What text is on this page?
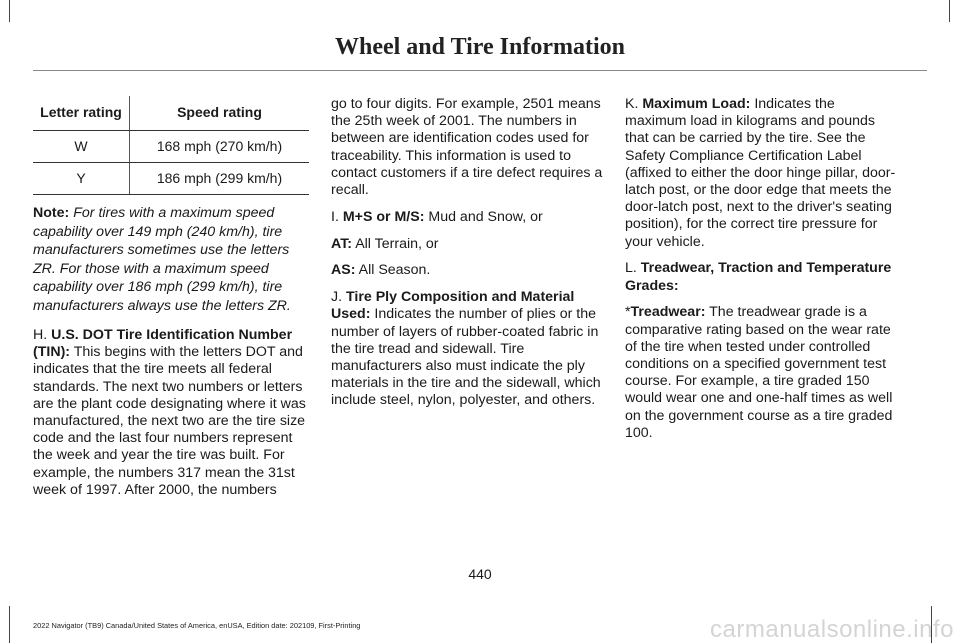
Wheel and Tire Information
Letter rating	Speed rating
W	168 mph (270 km/h)
Y	186 mph (299 km/h)

Note: For tires with a maximum speed capability over 149 mph (240 km/h), tire manufacturers sometimes use the letters ZR. For those with a maximum speed capability over 186 mph (299 km/h), tire manufacturers always use the letters ZR.

H. U.S. DOT Tire Identification Number (TIN): This begins with the letters DOT and indicates that the tire meets all federal standards. The next two numbers or letters are the plant code designating where it was manufactured, the next two are the tire size code and the last four numbers represent the week and year the tire was built. For example, the numbers 317 mean the 31st week of 1997. After 2000, the numbers

go to four digits. For example, 2501 means the 25th week of 2001. The numbers in between are identification codes used for traceability. This information is used to contact customers if a tire defect requires a recall.

I. M+S or M/S: Mud and Snow, or

AT: All Terrain, or

AS: All Season.

J. Tire Ply Composition and Material Used: Indicates the number of plies or the number of layers of rubber-coated fabric in the tire tread and sidewall. Tire manufacturers also must indicate the ply materials in the tire and the sidewall, which include steel, nylon, polyester, and others.

K. Maximum Load: Indicates the maximum load in kilograms and pounds that can be carried by the tire. See the Safety Compliance Certification Label (affixed to either the door hinge pillar, door-latch post, or the door edge that meets the door-latch post, next to the driver's seating position), for the correct tire pressure for your vehicle.

L. Treadwear, Traction and Temperature Grades:

*Treadwear: The treadwear grade is a comparative rating based on the wear rate of the tire when tested under controlled conditions on a specified government test course. For example, a tire graded 150 would wear one and one-half times as well on the government course as a tire graded 100.

440
2022 Navigator (TB9) Canada/United States of America, enUSA, Edition date: 202109, First-Printing	carmanualsonline.info
